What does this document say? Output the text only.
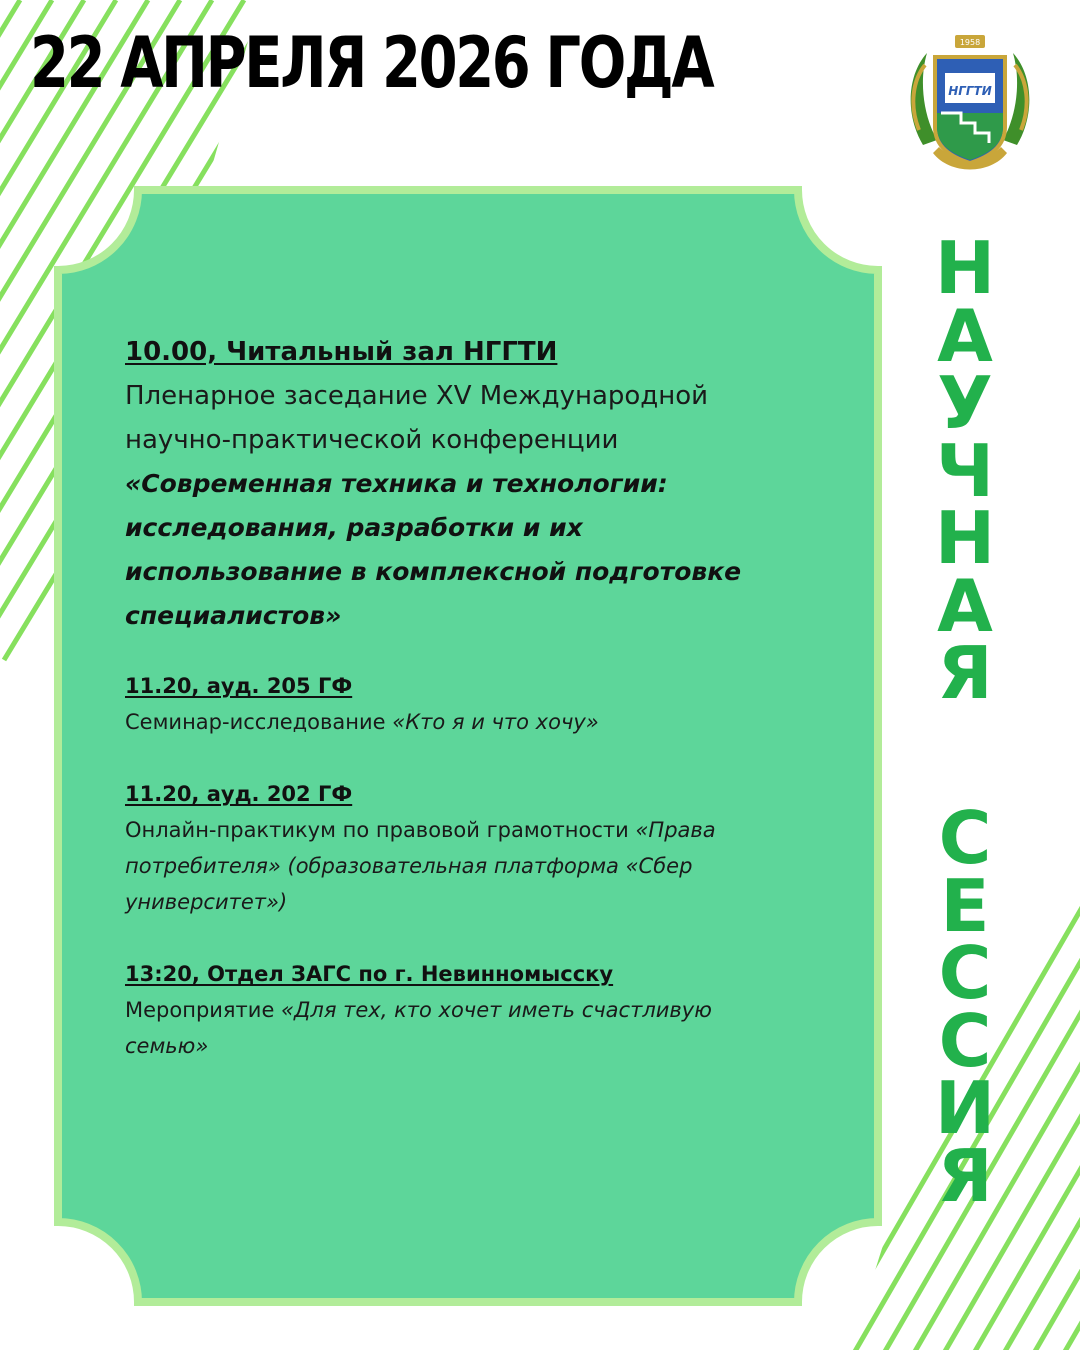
22 АПРЕЛЯ 2026 ГОДА	1958
НГГТИ
Н
А
У
Ч
Н
А
Я
С
Е
С
С
И
Я
10.00, Читальный зал НГГТИ
Пленарное заседание XV Международной научно-практической конференции
«Современная техника и технологии: исследования, разработки и их использование в комплексной подготовке специалистов»
11.20, ауд. 205 ГФ
Семинар-исследование «Кто я и что хочу»
11.20, ауд. 202 ГФ
Онлайн-практикум по правовой грамотности «Права потребителя» (образовательная платформа «Сбер университет»)
13:20, Отдел ЗАГС по г. Невинномысску
Мероприятие «Для тех, кто хочет иметь счастливую семью»
